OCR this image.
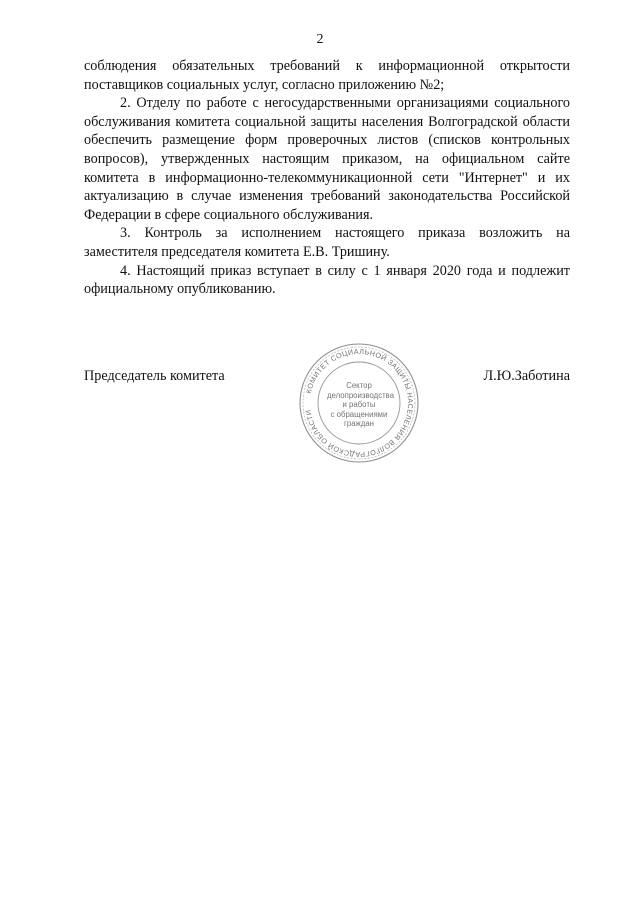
2

соблюдения обязательных требований к информационной открытости поставщиков социальных услуг, согласно приложению №2;

2. Отделу по работе с негосударственными организациями социального обслуживания комитета социальной защиты населения Волгоградской области обеспечить размещение форм проверочных листов (списков контрольных вопросов), утвержденных настоящим приказом, на официальном сайте комитета в информационно-телекоммуникационной сети "Интернет" и их актуализацию в случае изменения требований законодательства Российской Федерации в сфере социального обслуживания.

3. Контроль за исполнением настоящего приказа возложить на заместителя председателя комитета Е.В. Тришину.

4. Настоящий приказ вступает в силу с 1 января 2020 года и подлежит официальному опубликованию.

Председатель комитета	Л.Ю.Заботина
КОМИТЕТ СОЦИАЛЬНОЙ ЗАЩИТЫ НАСЕЛЕНИЯ ВОЛГОГРАДСКОЙ ОБЛАСТИ
Сектор
делопроизводства
и работы
с обращениями
граждан
